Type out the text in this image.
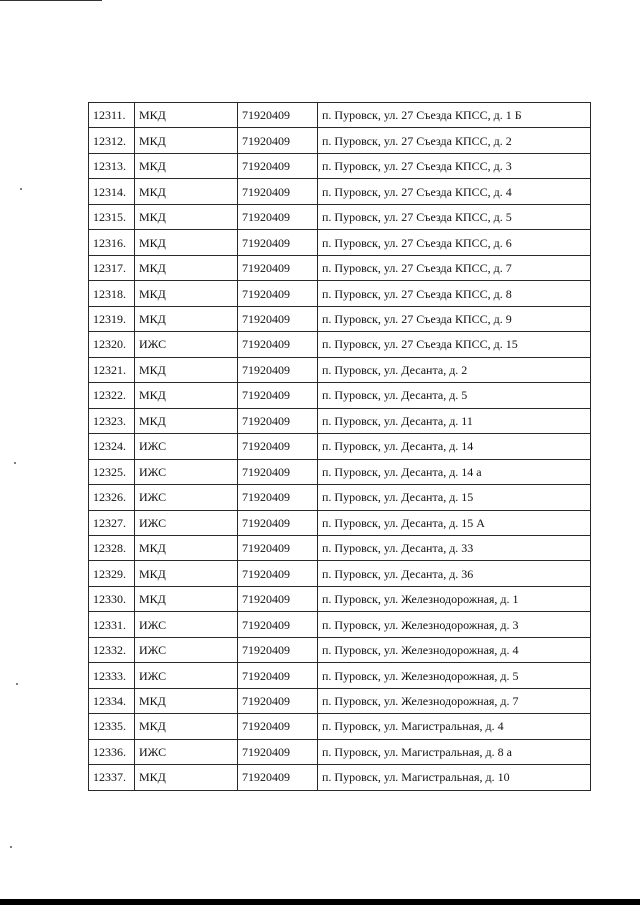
12311.	МКД	71920409	п. Пуровск, ул. 27 Съезда КПСС, д. 1 Б
12312.	МКД	71920409	п. Пуровск, ул. 27 Съезда КПСС, д. 2
12313.	МКД	71920409	п. Пуровск, ул. 27 Съезда КПСС, д. 3
12314.	МКД	71920409	п. Пуровск, ул. 27 Съезда КПСС, д. 4
12315.	МКД	71920409	п. Пуровск, ул. 27 Съезда КПСС, д. 5
12316.	МКД	71920409	п. Пуровск, ул. 27 Съезда КПСС, д. 6
12317.	МКД	71920409	п. Пуровск, ул. 27 Съезда КПСС, д. 7
12318.	МКД	71920409	п. Пуровск, ул. 27 Съезда КПСС, д. 8
12319.	МКД	71920409	п. Пуровск, ул. 27 Съезда КПСС, д. 9
12320.	ИЖС	71920409	п. Пуровск, ул. 27 Съезда КПСС, д. 15
12321.	МКД	71920409	п. Пуровск, ул. Десанта, д. 2
12322.	МКД	71920409	п. Пуровск, ул. Десанта, д. 5
12323.	МКД	71920409	п. Пуровск, ул. Десанта, д. 11
12324.	ИЖС	71920409	п. Пуровск, ул. Десанта, д. 14
12325.	ИЖС	71920409	п. Пуровск, ул. Десанта, д. 14 а
12326.	ИЖС	71920409	п. Пуровск, ул. Десанта, д. 15
12327.	ИЖС	71920409	п. Пуровск, ул. Десанта, д. 15 А
12328.	МКД	71920409	п. Пуровск, ул. Десанта, д. 33
12329.	МКД	71920409	п. Пуровск, ул. Десанта, д. 36
12330.	МКД	71920409	п. Пуровск, ул. Железнодорожная, д. 1
12331.	ИЖС	71920409	п. Пуровск, ул. Железнодорожная, д. 3
12332.	ИЖС	71920409	п. Пуровск, ул. Железнодорожная, д. 4
12333.	ИЖС	71920409	п. Пуровск, ул. Железнодорожная, д. 5
12334.	МКД	71920409	п. Пуровск, ул. Железнодорожная, д. 7
12335.	МКД	71920409	п. Пуровск, ул. Магистральная, д. 4
12336.	ИЖС	71920409	п. Пуровск, ул. Магистральная, д. 8 а
12337.	МКД	71920409	п. Пуровск, ул. Магистральная, д. 10
